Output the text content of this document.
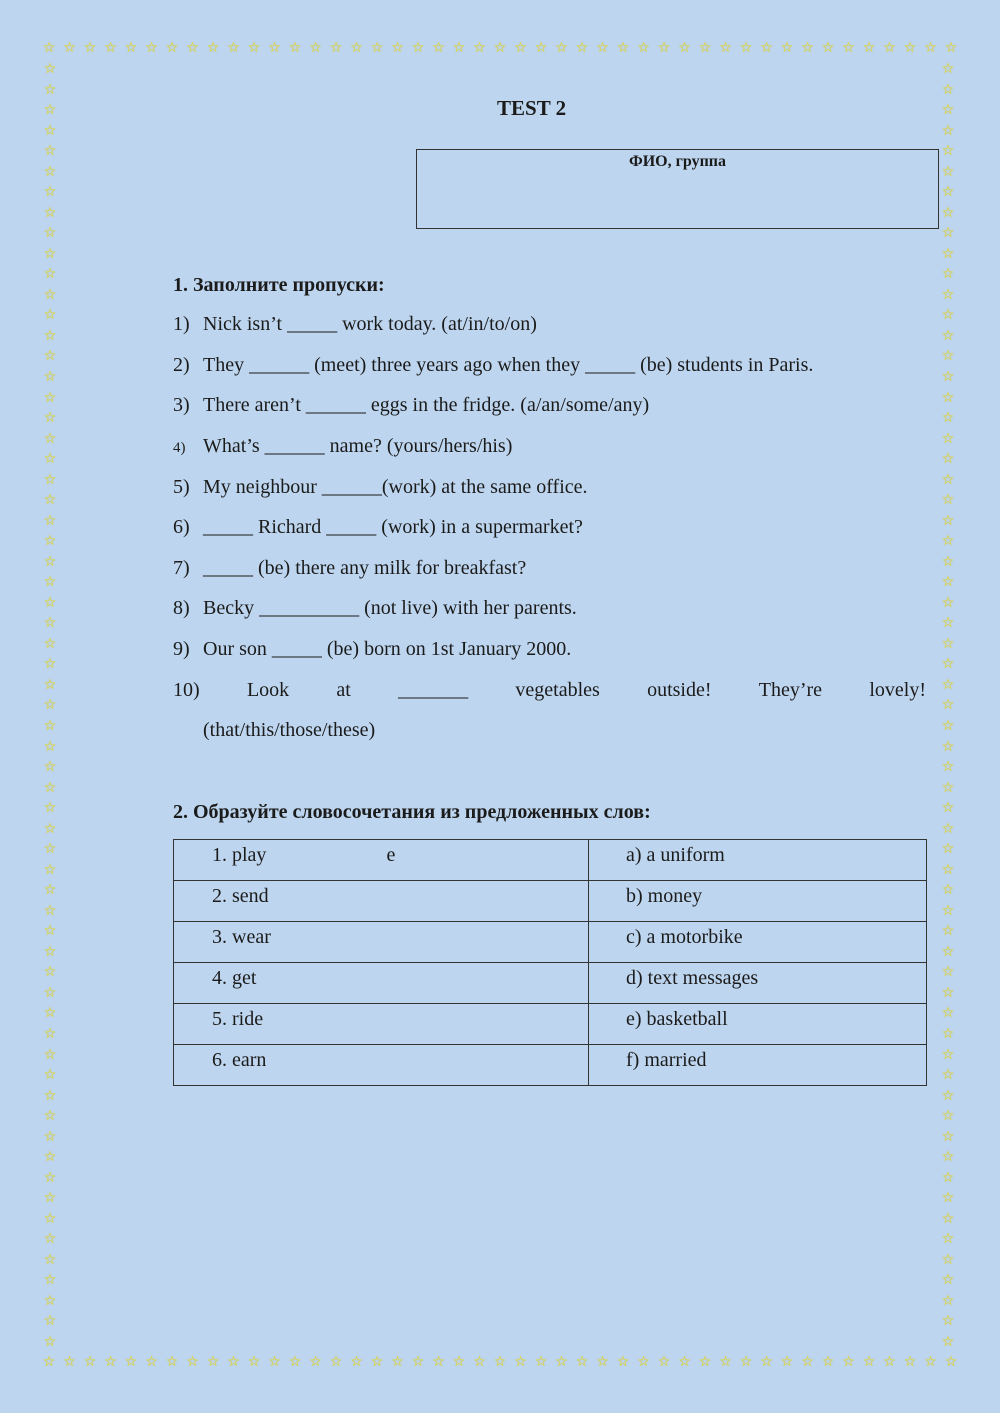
☆ ☆ ☆ ☆ ☆ ☆ ☆ ☆ ☆ ☆ ☆ ☆ ☆ ☆ ☆ ☆ ☆ ☆ ☆ ☆ ☆ ☆ ☆ ☆ ☆ ☆ ☆ ☆ ☆ ☆ ☆ ☆ ☆ ☆ ☆ ☆ ☆ ☆ ☆ ☆ ☆ ☆ ☆ ☆ ☆
☆ ☆ ☆ ☆ ☆ ☆ ☆ ☆ ☆ ☆ ☆ ☆ ☆ ☆ ☆ ☆ ☆ ☆ ☆ ☆ ☆ ☆ ☆ ☆ ☆ ☆ ☆ ☆ ☆ ☆ ☆ ☆ ☆ ☆ ☆ ☆ ☆ ☆ ☆ ☆ ☆ ☆ ☆ ☆ ☆
☆
☆
☆
☆
☆
☆
☆
☆
☆
☆
☆
☆
☆
☆
☆
☆
☆
☆
☆
☆
☆
☆
☆
☆
☆
☆
☆
☆
☆
☆
☆
☆
☆
☆
☆
☆
☆
☆
☆
☆
☆
☆
☆
☆
☆
☆
☆
☆
☆
☆
☆
☆
☆
☆
☆
☆
☆
☆
☆
☆
☆
☆
☆
☆
☆
☆
☆
☆
☆
☆
☆
☆
☆
☆
☆
☆
☆
☆
☆
☆
☆
☆
☆
☆
☆
☆
☆
☆
☆
☆
☆
☆
☆
☆
☆
☆
☆
☆
☆
☆
☆
☆
☆
☆
☆
☆
☆
☆
☆
☆
☆
☆
☆
☆
☆
☆
☆
☆
☆
☆
☆
☆
☆
☆
☆
☆
TEST 2
ФИО, группа
1. Заполните пропуски:
1) Nick isn’t _____ work today. (at/in/to/on)
2) They ______ (meet) three years ago when they _____ (be) students in Paris.
3) There aren’t ______ eggs in the fridge. (a/an/some/any)
4) What’s ______ name? (yours/hers/his)
5) My neighbour ______(work) at the same office.
6) _____ Richard _____ (work) in a supermarket?
7) _____ (be) there any milk for breakfast?
8) Becky __________ (not live) with her parents.
9) Our son _____ (be) born on 1st January 2000.
10) Look at _______ vegetables outside! They’re lovely!
(that/this/those/these)
2. Образуйте словосочетания из предложенных слов:
1. play e	a) a uniform
2. send	b) money
3. wear	c) a motorbike
4. get	d) text messages
5. ride	e) basketball
6. earn	f) married
